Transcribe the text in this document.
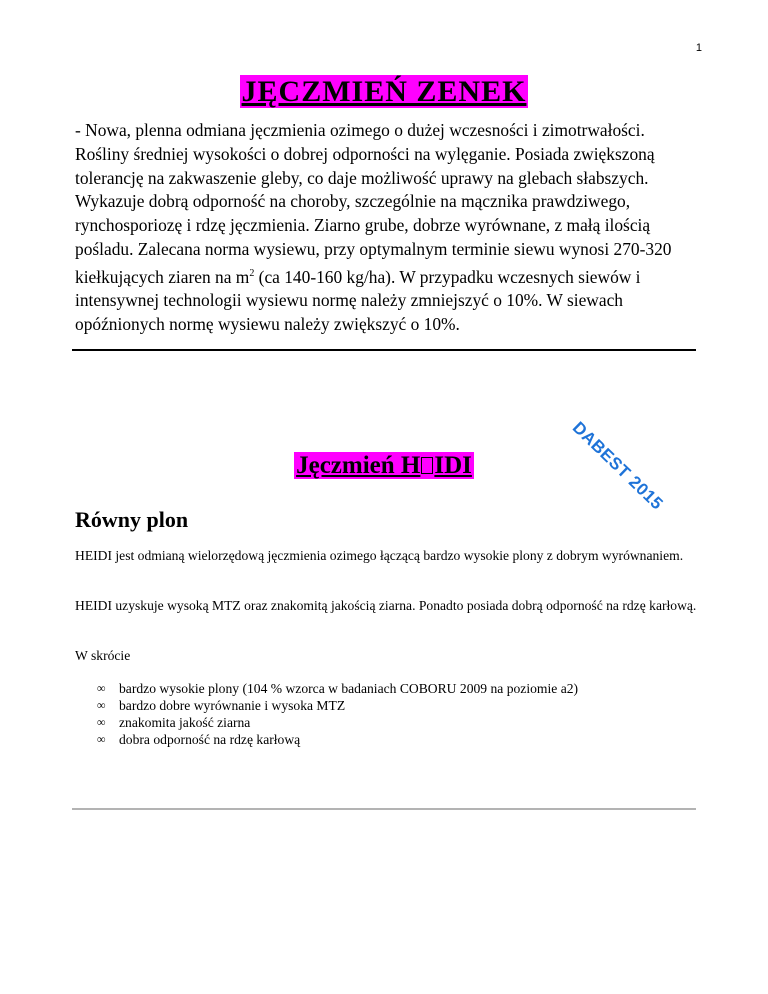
1
JĘCZMIEŃ ZENEK

- Nowa, plenna odmiana jęczmienia ozimego o dużej wczesności i zimotrwałości.
Rośliny średniej wysokości o dobrej odporności na wylęganie. Posiada zwiększoną
tolerancję na zakwaszenie gleby, co daje możliwość uprawy na glebach słabszych.
Wykazuje dobrą odporność na choroby, szczególnie na mącznika prawdziwego,
rynchosporiozę i rdzę jęczmienia. Ziarno grube, dobrze wyrównane, z małą ilością
pośladu. Zalecana norma wysiewu, przy optymalnym terminie siewu wynosi 270-320
kiełkujących ziaren na $m^2$ (ca 140-160 kg/ha). W przypadku wczesnych siewów i
intensywnej technologii wysiewu normę należy zmniejszyć o 10%. W siewach
opóźnionych normę wysiewu należy zwiększyć o 10%.

DABEST 2015
Jęczmień H IDI

Równy plon

HEIDI jest odmianą wielorzędową jęczmienia ozimego łączącą bardzo wysokie plony z dobrym wyrównaniem.

HEIDI uzyskuje wysoką MTZ oraz znakomitą jakością ziarna. Ponadto posiada dobrą odporność na rdzę karłową.

W skrócie

∞ bardzo wysokie plony (104 % wzorca w badaniach COBORU 2009 na poziomie a2)
∞ bardzo dobre wyrównanie i wysoka MTZ
∞ znakomita jakość ziarna
∞ dobra odporność na rdzę karłową
